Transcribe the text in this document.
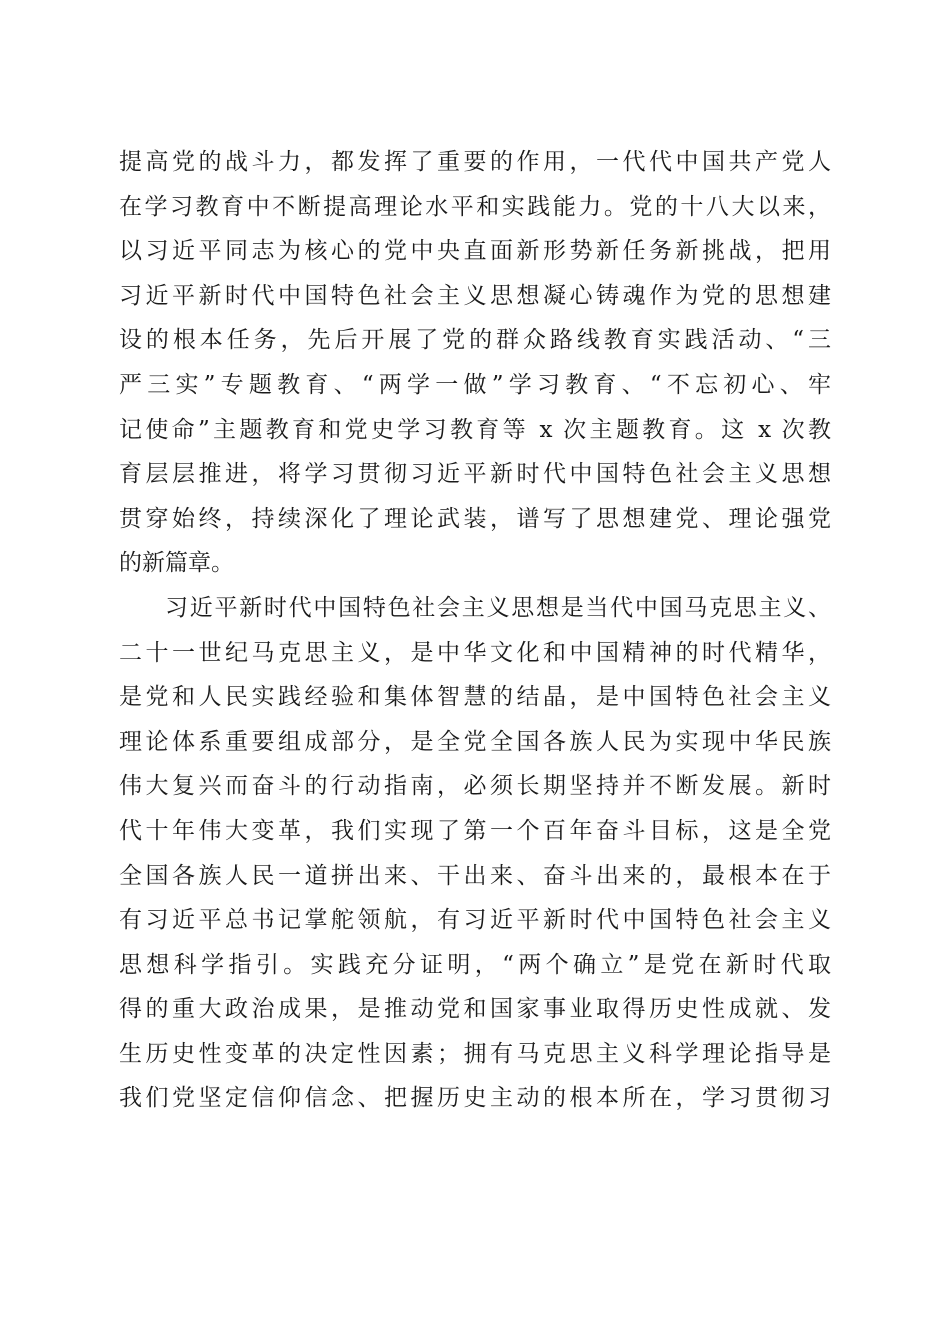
提高党的战斗力，都发挥了重要的作用，一代代中国共产党人
在学习教育中不断提高理论水平和实践能力。党的十八大以来，
以习近平同志为核心的党中央直面新形势新任务新挑战，把用
习近平新时代中国特色社会主义思想凝心铸魂作为党的思想建
设的根本任务，先后开展了党的群众路线教育实践活动、“三
严三实”专题教育、“两学一做”学习教育、“不忘初心、牢
记使命”主题教育和党史学习教育等 x 次主题教育。这 x 次教
育层层推进，将学习贯彻习近平新时代中国特色社会主义思想
贯穿始终，持续深化了理论武装，谱写了思想建党、理论强党
的新篇章。
习近平新时代中国特色社会主义思想是当代中国马克思主义、
二十一世纪马克思主义，是中华文化和中国精神的时代精华，
是党和人民实践经验和集体智慧的结晶，是中国特色社会主义
理论体系重要组成部分，是全党全国各族人民为实现中华民族
伟大复兴而奋斗的行动指南，必须长期坚持并不断发展。新时
代十年伟大变革，我们实现了第一个百年奋斗目标，这是全党
全国各族人民一道拼出来、干出来、奋斗出来的，最根本在于
有习近平总书记掌舵领航，有习近平新时代中国特色社会主义
思想科学指引。实践充分证明，“两个确立”是党在新时代取
得的重大政治成果，是推动党和国家事业取得历史性成就、发
生历史性变革的决定性因素；拥有马克思主义科学理论指导是
我们党坚定信仰信念、把握历史主动的根本所在，学习贯彻习
